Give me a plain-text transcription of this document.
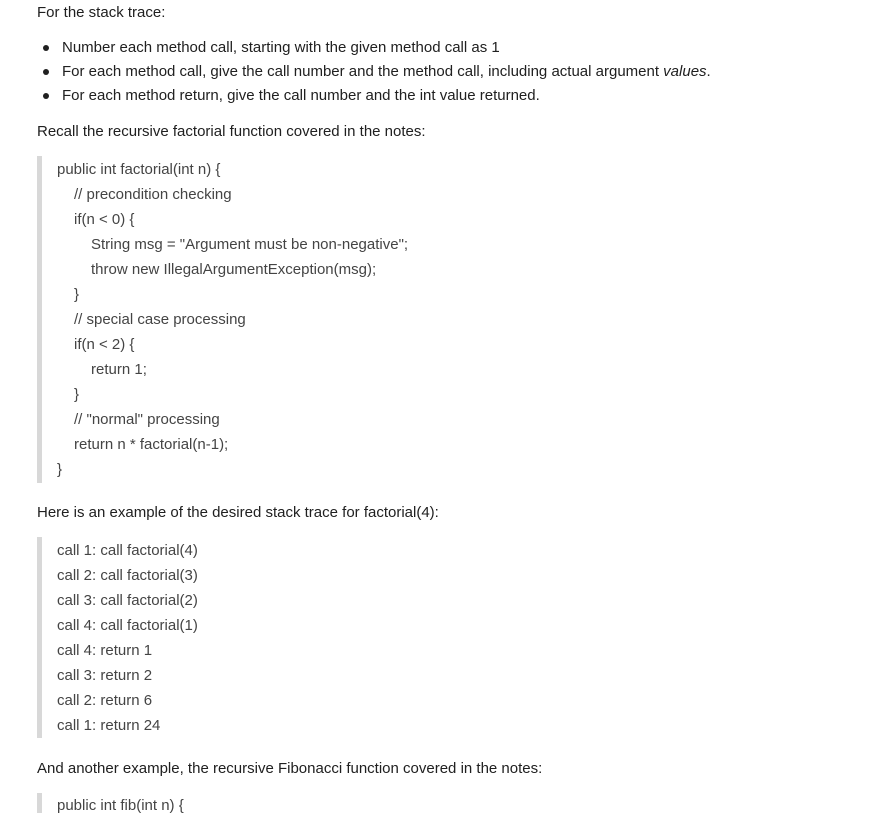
For the stack trace:

Number each method call, starting with the given method call as 1
For each method call, give the call number and the method call, including actual argument values.
For each method return, give the call number and the int value returned.

Recall the recursive factorial function covered in the notes:

public int factorial(int n) {
// precondition checking
if(n < 0) {
String msg = "Argument must be non-negative";
throw new IllegalArgumentException(msg);
}
// special case processing
if(n < 2) {
return 1;
}
// "normal" processing
return n * factorial(n-1);
}

Here is an example of the desired stack trace for factorial(4):

call 1: call factorial(4)
call 2: call factorial(3)
call 3: call factorial(2)
call 4: call factorial(1)
call 4: return 1
call 3: return 2
call 2: return 6
call 1: return 24

And another example, the recursive Fibonacci function covered in the notes:

public int fib(int n) {
